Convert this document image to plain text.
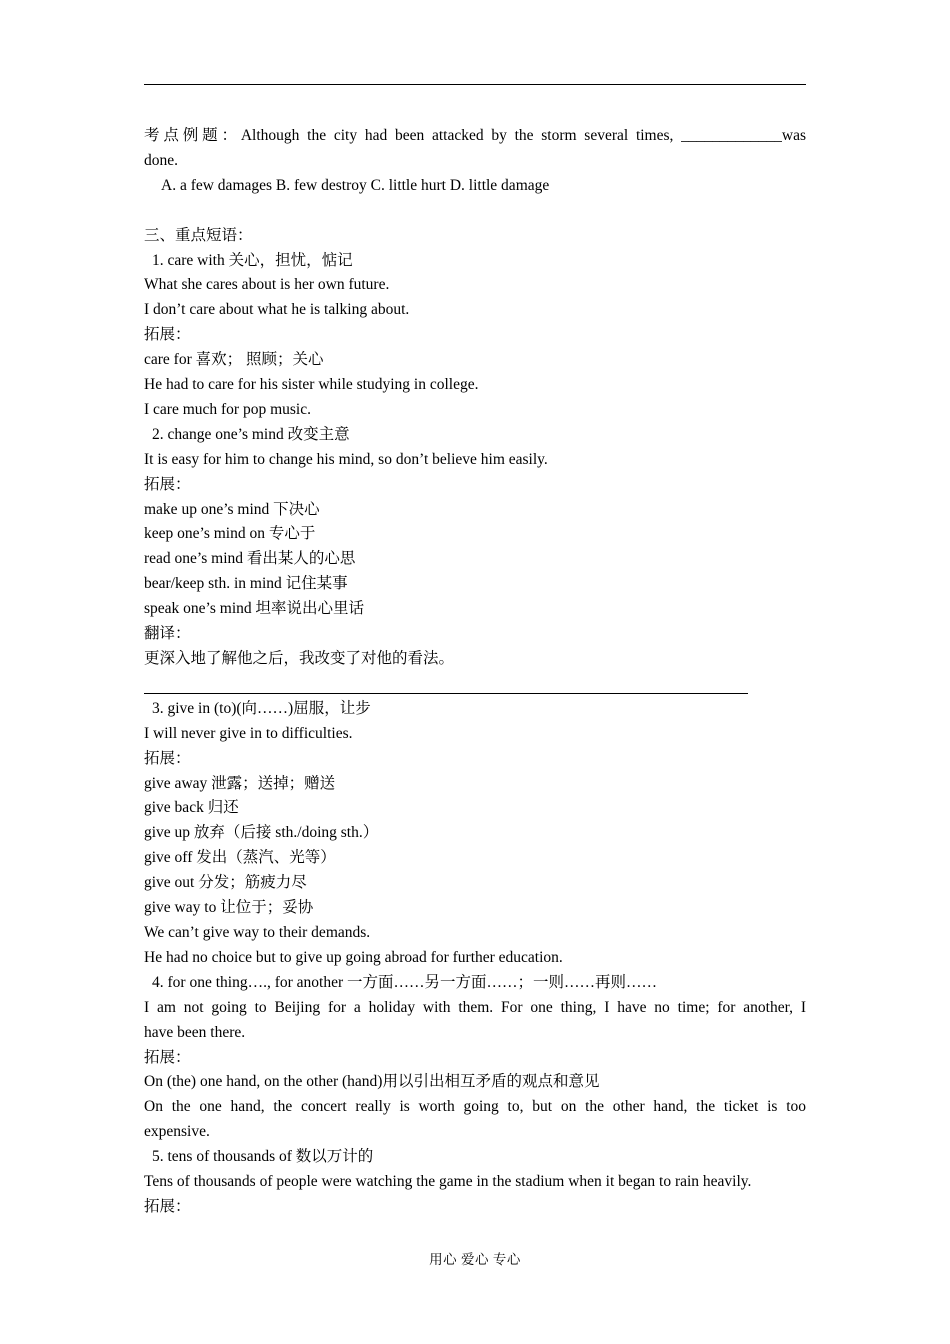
考点例题：Although the city had been attacked by the storm several times, _____________was
done.
A. a few damages B. few destroy C. little hurt D. little damage
三、重点短语：
1. care with 关心，担忧，惦记
What she cares about is her own future.
I don’t care about what he is talking about.
拓展：
care for 喜欢； 照顾；关心
He had to care for his sister while studying in college.
I care much for pop music.
2. change one’s mind 改变主意
It is easy for him to change his mind, so don’t believe him easily.
拓展：
make up one’s mind 下决心
keep one’s mind on 专心于
read one’s mind 看出某人的心思
bear/keep sth. in mind 记住某事
speak one’s mind 坦率说出心里话
翻译：
更深入地了解他之后，我改变了对他的看法。
3. give in (to)(向……)屈服，让步
I will never give in to difficulties.
拓展：
give away 泄露；送掉；赠送
give back 归还
give up 放弃（后接 sth./doing sth.）
give off 发出（蒸汽、光等）
give out 分发；筋疲力尽
give way to 让位于；妥协
We can’t give way to their demands.
He had no choice but to give up going abroad for further education.
4. for one thing…., for another 一方面……另一方面……；一则……再则……
I am not going to Beijing for a holiday with them. For one thing, I have no time; for another, I
have been there.
拓展：
On (the) one hand, on the other (hand)用以引出相互矛盾的观点和意见
On the one hand, the concert really is worth going to, but on the other hand, the ticket is too
expensive.
5. tens of thousands of 数以万计的
Tens of thousands of people were watching the game in the stadium when it began to rain heavily.
拓展：
用心 爱心 专心
